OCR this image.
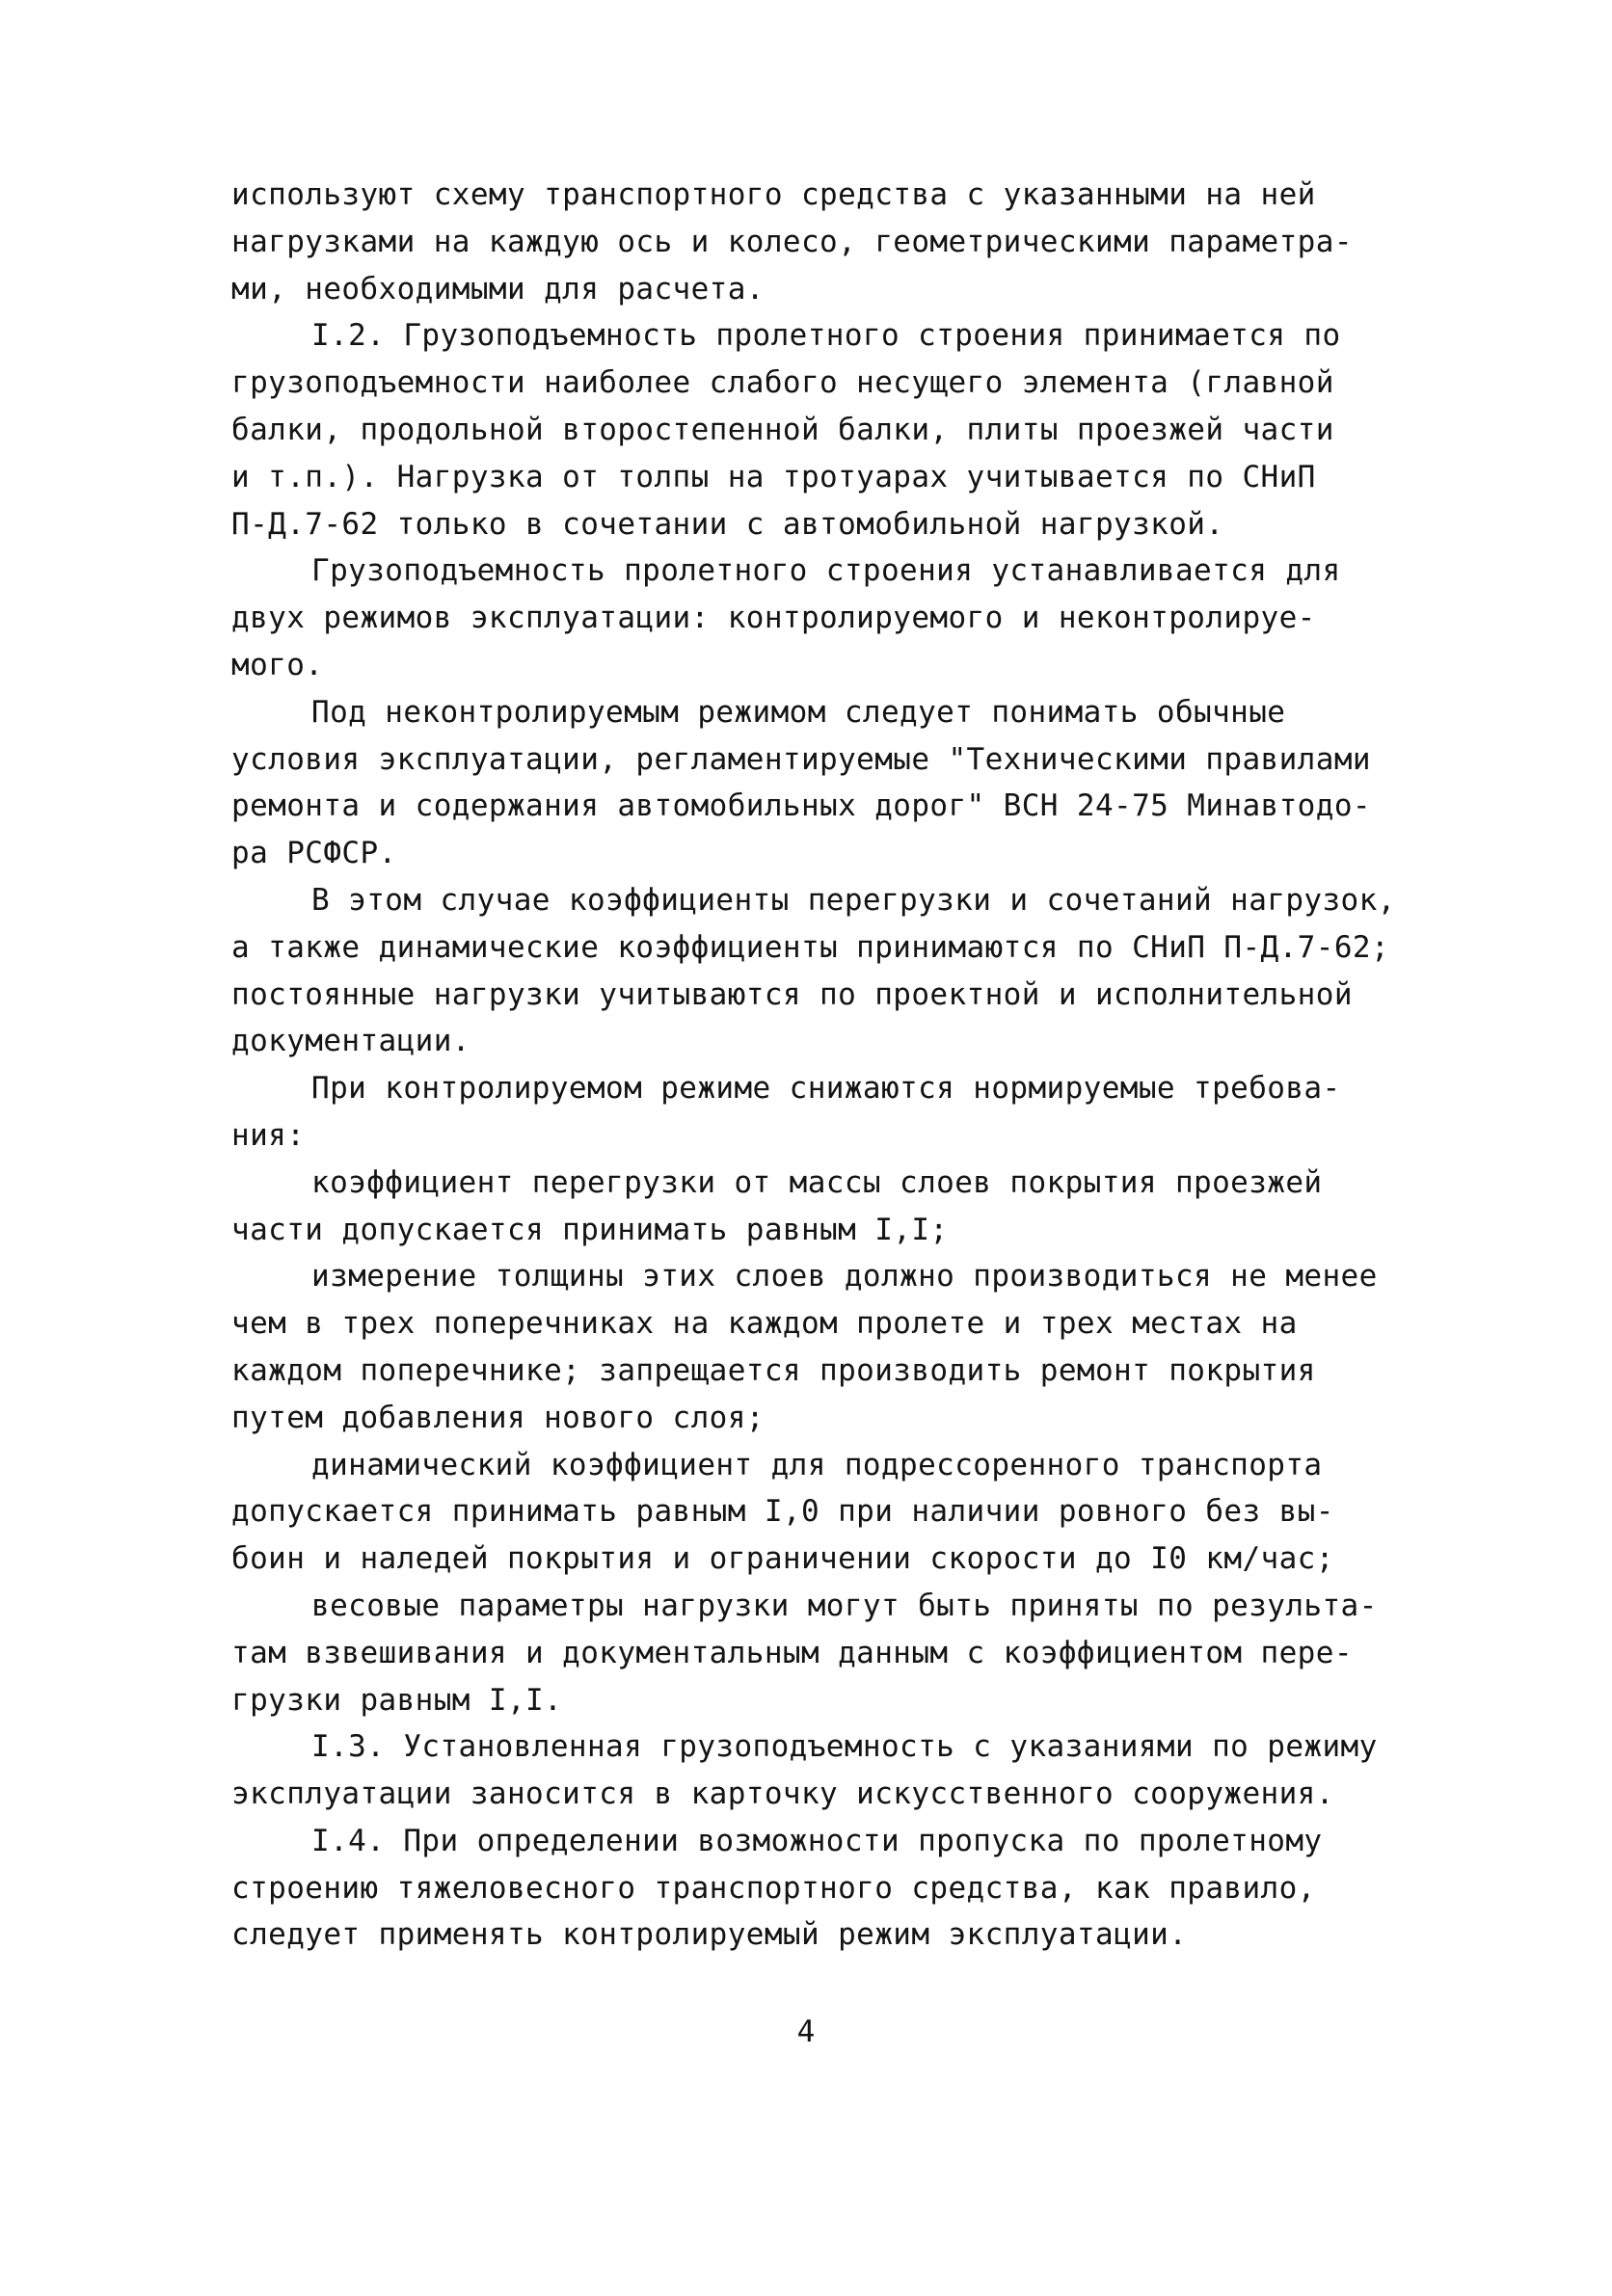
используют схему транспортного средства с указанными на ней
нагрузками на каждую ось и колесо, геометрическими параметра-
ми, необходимыми для расчета.
I.2. Грузоподъемность пролетного строения принимается по
грузоподъемности наиболее слабого несущего элемента (главной
балки, продольной второстепенной балки, плиты проезжей части
и т.п.). Нагрузка от толпы на тротуарах учитывается по СНиП
П-Д.7-62 только в сочетании с автомобильной нагрузкой.
Грузоподъемность пролетного строения устанавливается для
двух режимов эксплуатации: контролируемого и неконтролируе-
мого.
Под неконтролируемым режимом следует понимать обычные
условия эксплуатации, регламентируемые "Техническими правилами
ремонта и содержания автомобильных дорог" ВСН 24-75 Минавтодо-
ра РСФСР.
В этом случае коэффициенты перегрузки и сочетаний нагрузок,
а также динамические коэффициенты принимаются по СНиП П-Д.7-62;
постоянные нагрузки учитываются по проектной и исполнительной
документации.
При контролируемом режиме снижаются нормируемые требова-
ния:
коэффициент перегрузки от массы слоев покрытия проезжей
части допускается принимать равным I,I;
измерение толщины этих слоев должно производиться не менее
чем в трех поперечниках на каждом пролете и трех местах на
каждом поперечнике; запрещается производить ремонт покрытия
путем добавления нового слоя;
динамический коэффициент для подрессоренного транспорта
допускается принимать равным I,0 при наличии ровного без вы-
боин и наледей покрытия и ограничении скорости до I0 км/час;
весовые параметры нагрузки могут быть приняты по результа-
там взвешивания и документальным данным с коэффициентом пере-
грузки равным I,I.
I.3. Установленная грузоподъемность с указаниями по режиму
эксплуатации заносится в карточку искусственного сооружения.
I.4. При определении возможности пропуска по пролетному
строению тяжеловесного транспортного средства, как правило,
следует применять контролируемый режим эксплуатации.
4
